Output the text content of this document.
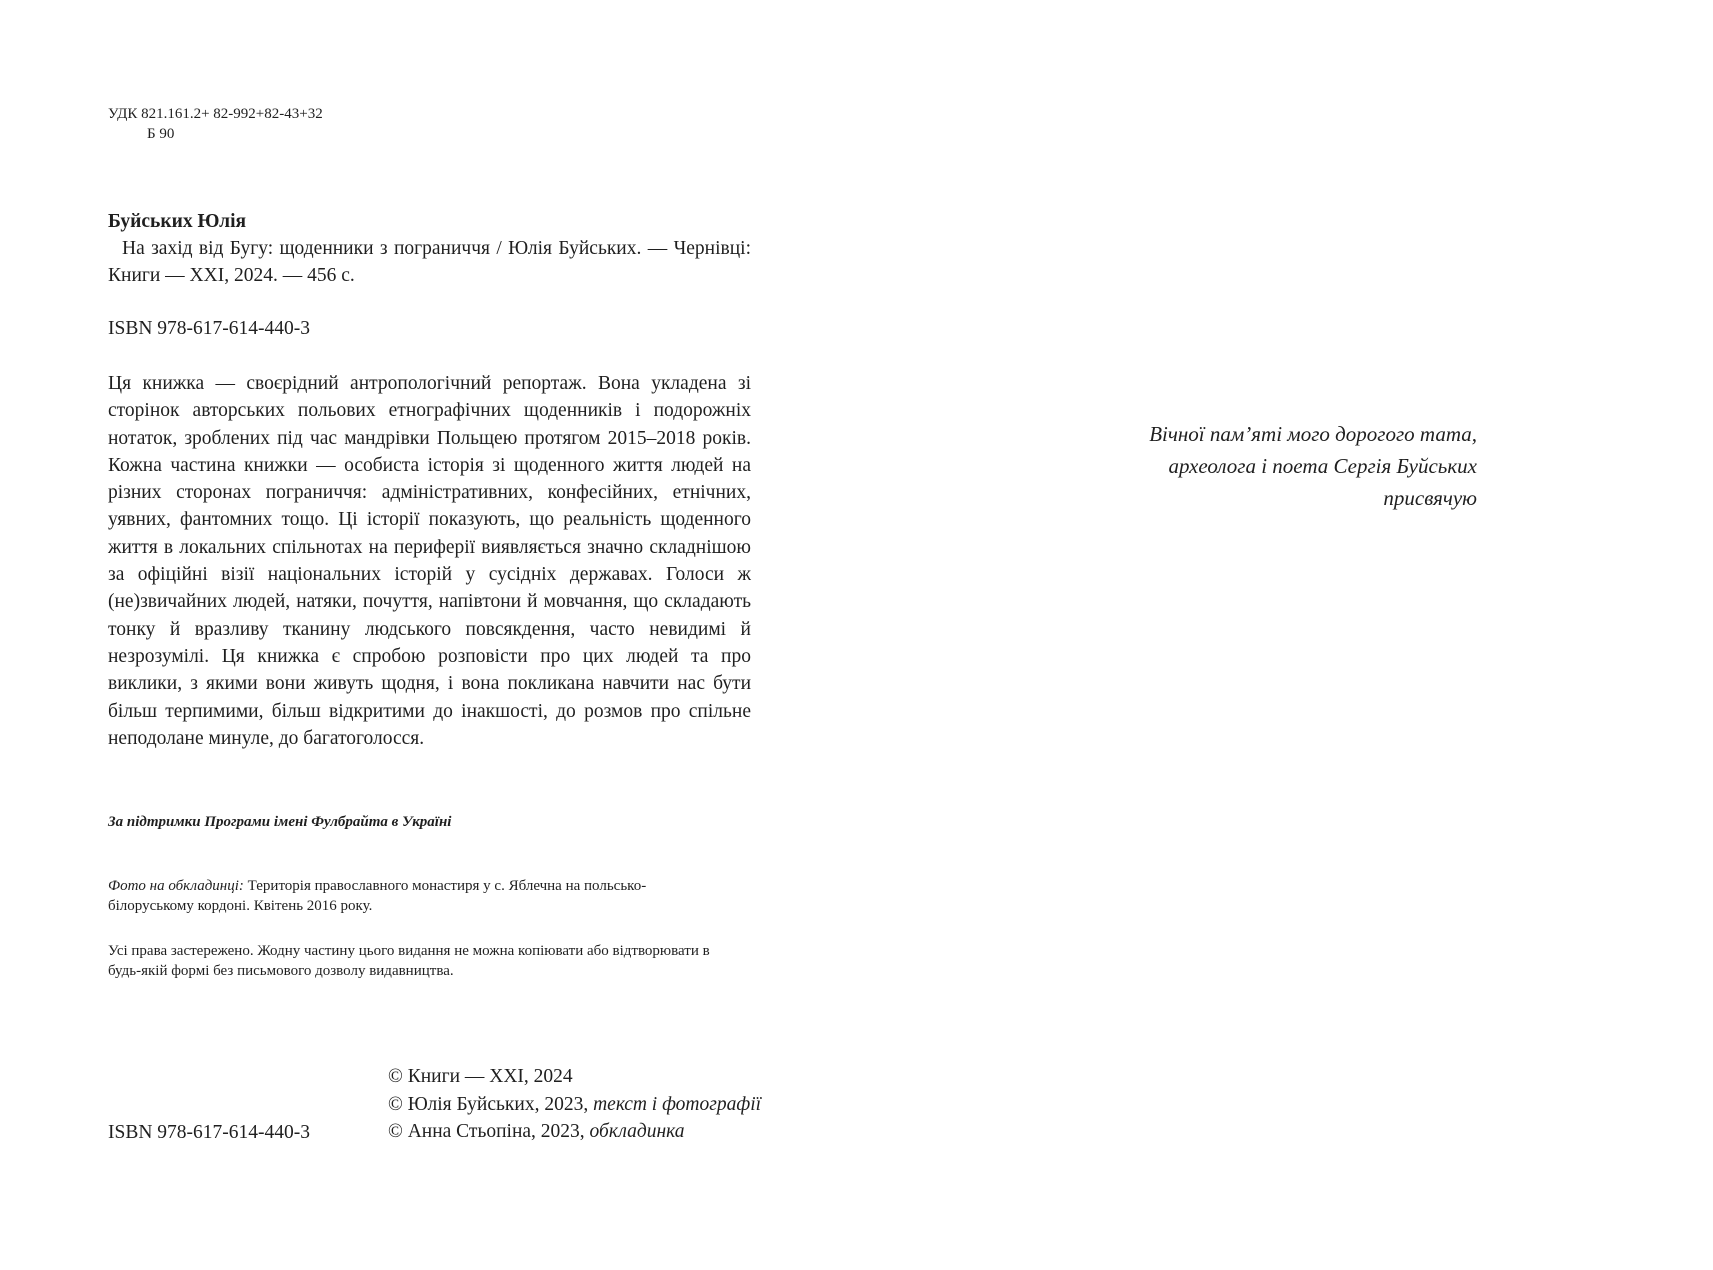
УДК 821.161.2+ 82-992+82-43+32
Б 90
Буйських Юлія
На захід від Бугу: щоденники з пограниччя / Юлія Буйських. — Чернівці: Книги — XXI, 2024. — 456 с.
ISBN 978-617-614-440-3
Ця книжка — своєрідний антропологічний репортаж. Вона укладена зі сторінок авторських польових етнографічних щоденників і подорожніх нотаток, зроблених під час мандрівки Польщею протягом 2015–2018 років. Кожна частина книжки — особиста історія зі щоденного життя людей на різних сторонах пограниччя: адміністративних, конфесійних, етнічних, уявних, фантомних тощо. Ці історії показують, що реальність щоденного життя в локальних спільнотах на периферії виявляється значно складнішою за офіційні візії національних історій у сусідніх державах. Голоси ж (не)звичайних людей, натяки, почуття, напівтони й мовчання, що складають тонку й вразливу тканину людського повсякдення, часто невидимі й незрозумілі. Ця книжка є спробою розповісти про цих людей та про виклики, з якими вони живуть щодня, і вона покликана навчити нас бути більш терпимими, більш відкритими до інакшості, до розмов про спільне неподолане минуле, до багатоголосся.
За підтримки Програми імені Фулбрайта в Україні
Фото на обкладинці: Територія православного монастиря у с. Яблечна на польсько-білоруському кордоні. Квітень 2016 року.
Усі права застережено. Жодну частину цього видання не можна копіювати або відтворювати в будь-якій формі без письмового дозволу видавництва.
ISBN 978-617-614-440-3
© Книги — XXI, 2024
© Юлія Буйських, 2023, текст і фотографії
© Анна Стьопіна, 2023, обкладинка
Вічної пам’яті мого дорогого тата,
археолога і поета Сергія Буйських
присвячую
